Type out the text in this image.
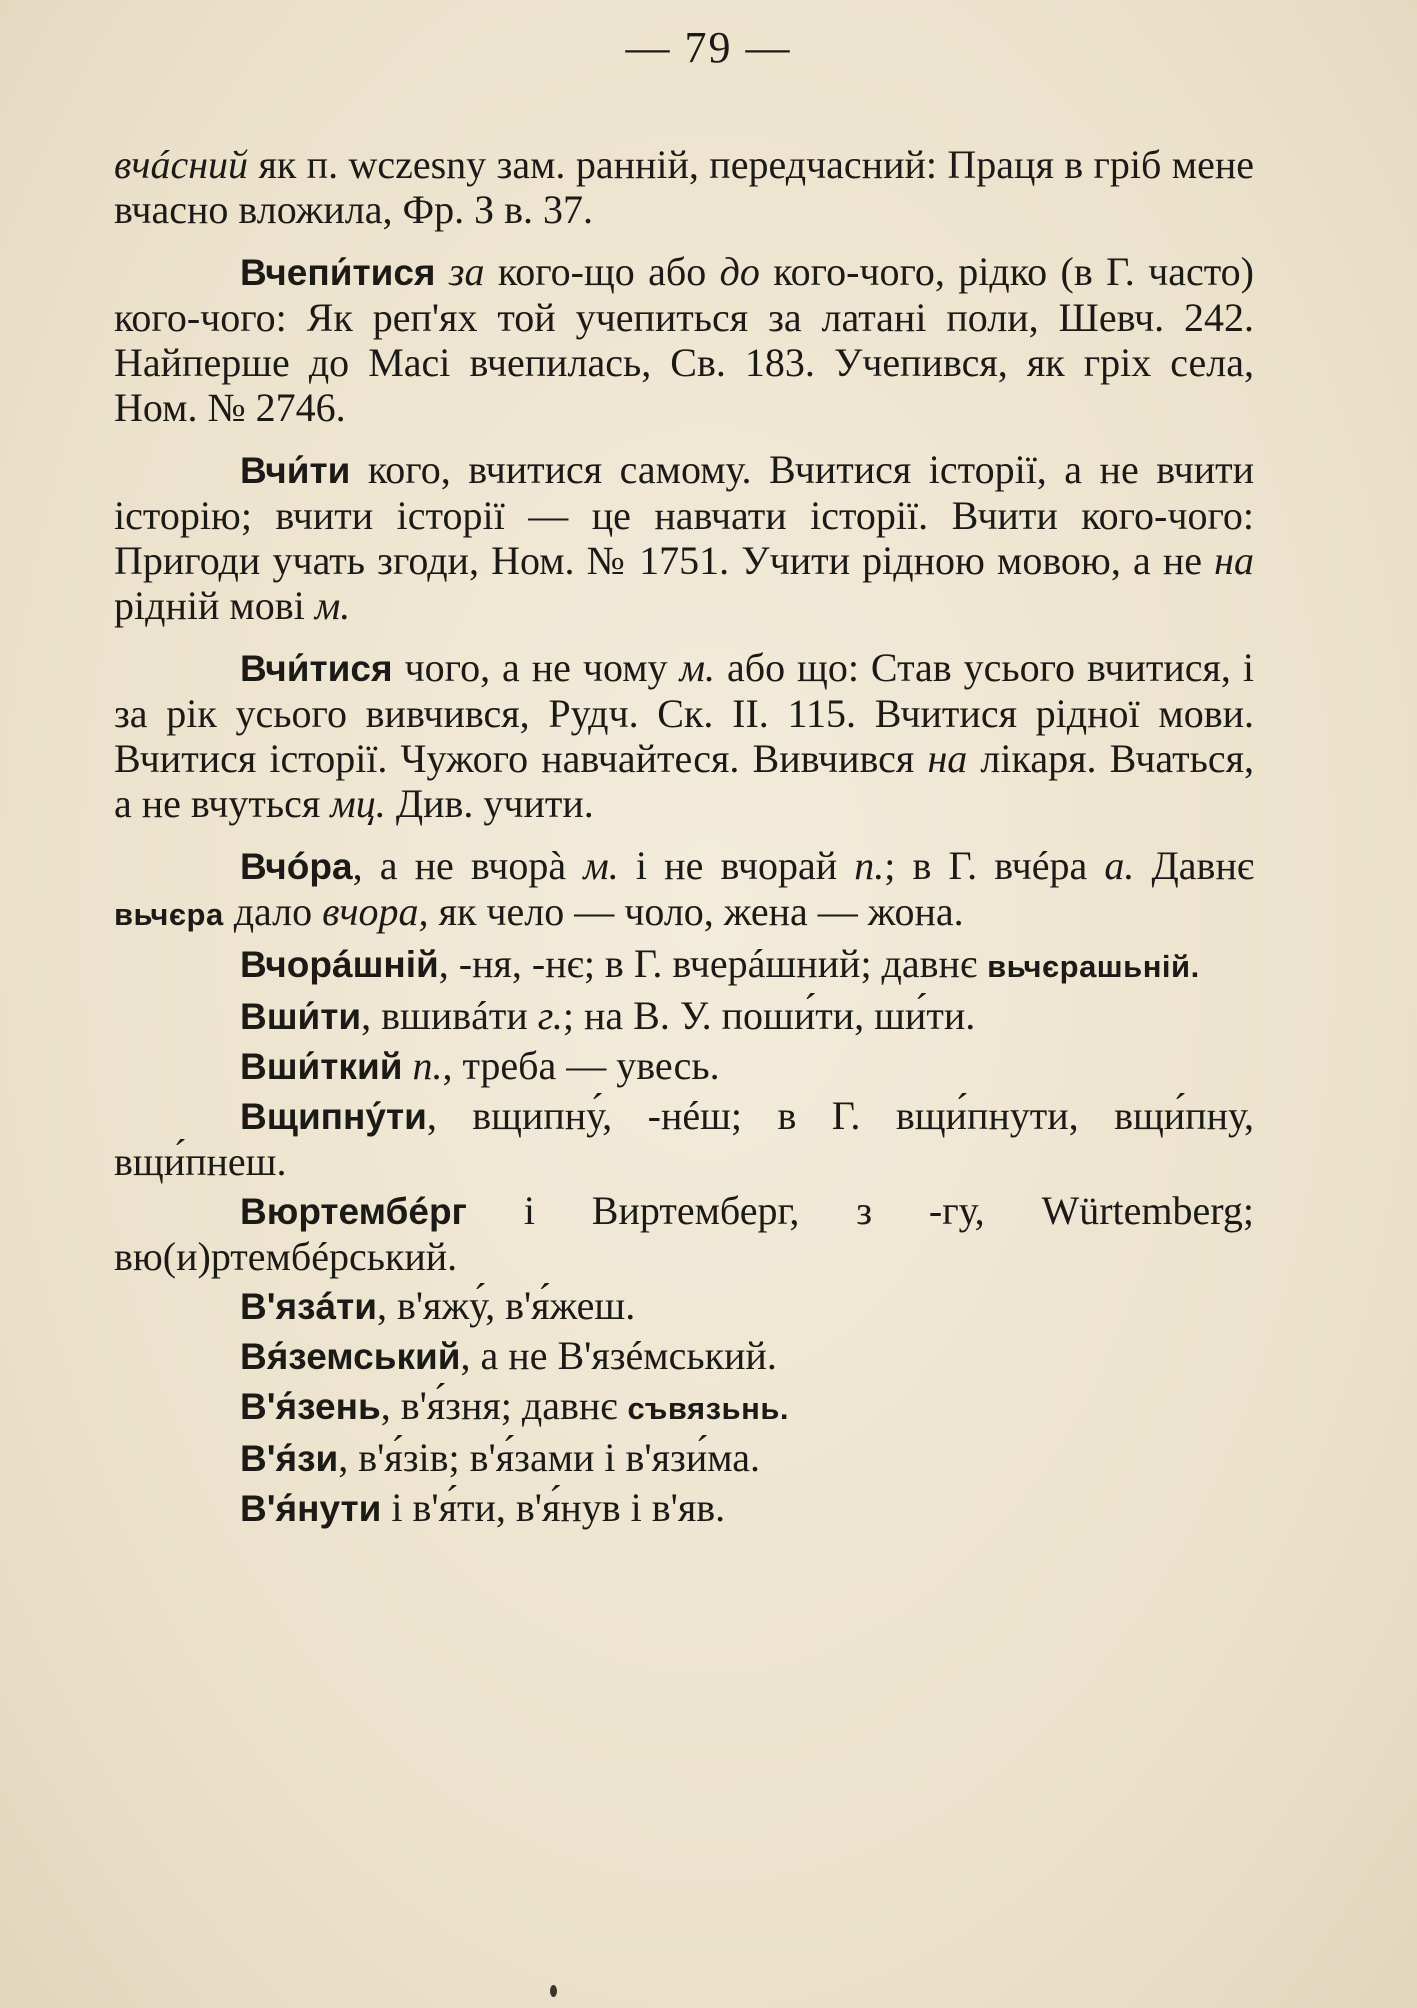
— 79 —

вчáсний як п. wczesny зам. ранній, передчасний: Праця в гріб мене вчасно вложила, Фр. З в. 37.

Вчепи́тися за кого-що або до кого-чого, рідко (в Г. часто) кого-чого: Як реп'ях той учепиться за латані поли, Шевч. 242. Найперше до Масі вчепилась, Св. 183. Учепився, як гріх села, Ном. № 2746.

Вчи́ти кого, вчитися самому. Вчитися історії, а не вчити історію; вчити історії — це навчати історії. Вчити кого-чого: Пригоди учать згоди, Ном. № 1751. Учити рідною мовою, а не на рідній мові м.

Вчи́тися чого, а не чому м. або що: Став усього вчитися, і за рік усього вивчився, Рудч. Ск. II. 115. Вчитися рідної мови. Вчитися історії. Чужого навчайтеся. Вивчився на лікаря. Вчаться, а не вчуться мц. Див. учити.

Вчóра, а не вчорà м. і не вчорай п.; в Г. вчéра а. Давнє вьчєра дало вчора, як чело — чоло, жена — жона.

Вчорáшній, -ня, -нє; в Г. вчерáшний; давнє вьчєрашьній.

Вши́ти, вшивáти г.; на В. У. поши́ти, ши́ти.

Вши́ткий п., треба — увесь.

Вщипну́ти, вщипну́, -нéш; в Г. вщи́пнути, вщи́пну, вщи́пнеш.

Вюртембéрг і Виртемберг, з -гу, Würtemberg; вю(и)ртембéрський.

В'язáти, в'яжу́, в'я́жеш.

Вя́земський, а не В'язéмський.

В'я́зень, в'я́зня; давнє съвязьнь.

В'я́зи, в'я́зів; в'я́зами і в'язи́ма.

В'я́нути і в'я́ти, в'я́нув і в'яв.
